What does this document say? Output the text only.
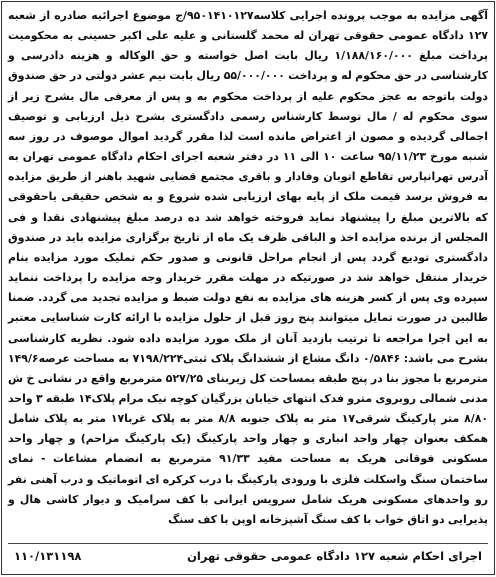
آگهی مزایده به موجب پرونده اجرایی کلاسه۹۵۰۱۴۱۰۱۲۷/ج موضوع اجرائیه صادره از شعبه ۱۲۷ دادگاه عمومی حقوقی تهران له محمد گلستانی و علیه علی اکبر حسینی به محکومیت پرداخت مبلغ ۱/۱۸۸/۱۶۰/۰۰۰ ریال بابت اصل خواسته و حق الوکاله و هزینه دادرسی و کارشناسی در حق محکوم له و پرداخت ۵۵/۰۰۰/۰۰۰ ریال بابت نیم عشر دولتی در حق صندوق دولت باتوجه به عجز محکوم علیه از پرداخت محکوم به و پس از معرفی مال بشرح زیر از سوی محکوم له / مال توسط کارشناس رسمی دادگستری بشرح ذیل ارزیابی و توصیف اجمالی گردیده و مصون از اعتراض مانده است لذا مقرر گردید اموال موصوف در روز سه شنبه مورخ ۹۵/۱۱/۲۳ ساعت ۱۰ الی ۱۱ در دفتر شعبه اجرای احکام دادگاه عمومی تهران به آدرس تهرانپارس تقاطع اتوبان وفادار و باقری مجتمع قضایی شهید باهنر از طریق مزایده به فروش برسد قیمت ملک از پایه بهای ارزیابی شده شروع و به شخص حقیقی یاحقوقی که بالاترین مبلغ را پیشنهاد نماید فروخته خواهد شد ده درصد مبلغ پیشنهادی نقدا و فی المجلس از برنده مزایده اخذ و الباقی ظرف یک ماه از تاریخ برگزاری مزایده باید در صندوق دادگستری تودیع گردد پس از انجام مراحل قانونی و صدور حکم تملیک مورد مزایده بنام خریدار منتقل خواهد شد در صورتیکه در مهلت مقرر خریدار وجه مزایده را پرداخت ننماید سپرده وی پس از کسر هزینه های مزایده به نفع دولت ضبط و مزایده تجدید می گردد. ضمنا طالبین در صورت تمایل میتوانند پنج روز قبل از حلول مزایده با ارائه کارت شناسایی معتبر به این اجرا مراجعه تا ترتیب بازدید آنان از ملک مورد مزایده داده شود. نظریه کارشناسی بشرح می باشد: ۰/۵۸۴۶ دانگ مشاع از ششدانگ پلاک ثبتی۷۱۹۸/۲۲۴ به مساحت عرصه۱۴۹/۶ مترمربع با مجوز بنا در پنج طبقه بمساحت کل زیربنای ۵۲۷/۲۵ مترمربع واقع در نشانی خ ش مدنی شمالی روبروی مترو فدک انتهای خیابان بزرگیان کوچه نیک مرام پلاک۱۴ طبقه ۳ واحد ۸/۸۰ متر پارکینگ شرقی۱۷ متر به پلاک جنوبه ۸/۸ متر به پلاک غربا۱۷ متر به پلاک شامل همکف بعنوان چهار واحد انباری و چهار واحد پارکینگ (یک پارکینگ مزاحم) و چهار واحد مسکونی فوقانی هریک به مساحت مفید ۹۱/۳۳ مترمربع به انضمام مشاعات - نمای ساختمان سنگ واسکلت فلزی با ورودی پارکینگ با درب کرکره ای اتوماتیک و درب آهنی نفر رو واحدهای مسکونی هریک شامل سرویس ایرانی با کف سرامیک و دیوار کاشی هال و پذیرایی دو اتاق خواب با کف سنگ آشپزخانه اوپن با کف سنگ
اجرای احکام شعبه ۱۲۷ دادگاه عمومی حقوقی تهران
۱۱۰/۱۳۱۱۹۸
